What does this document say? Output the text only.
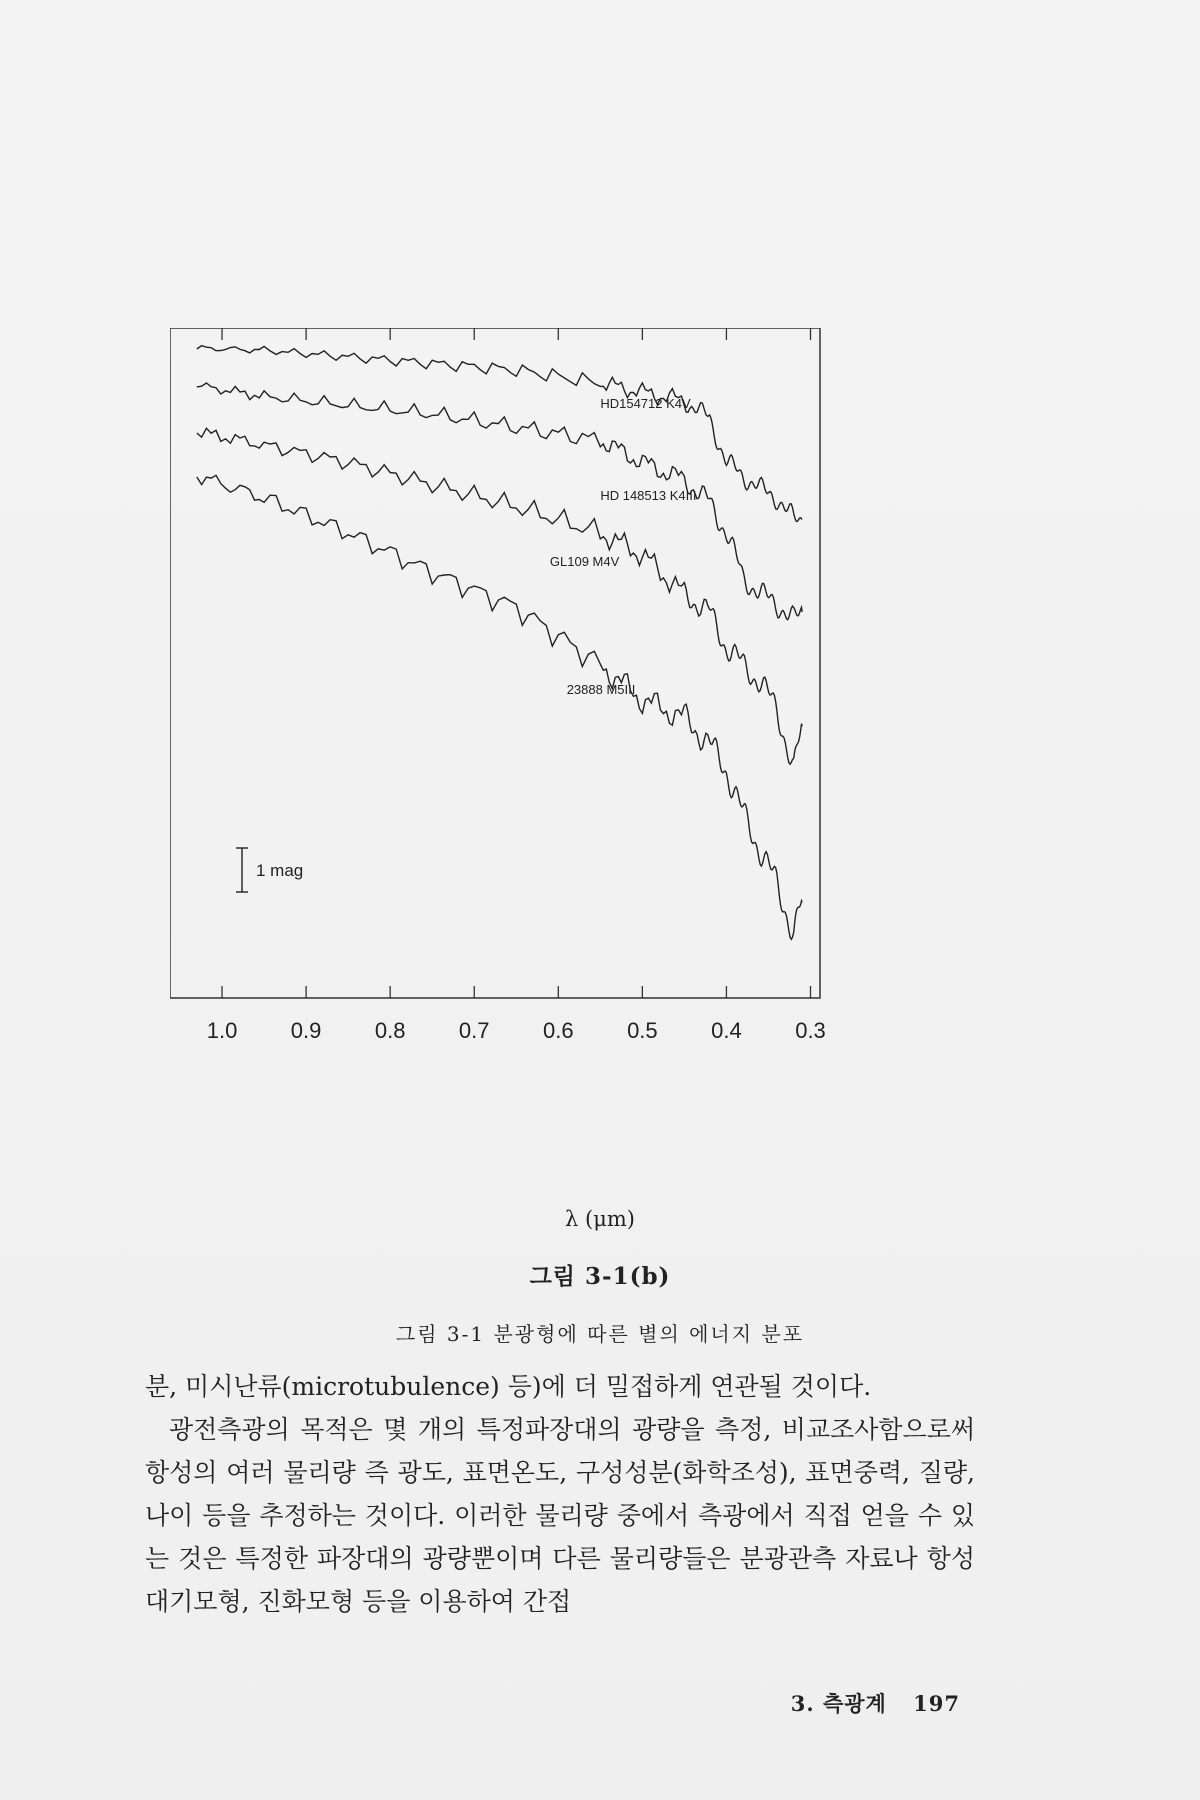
1.0 0.9 0.8 0.7 0.6 0.5 0.4 0.3
HD154712 K4V
HD 148513 K4III
GL109 M4V
23888 M5III
1 mag
λ (μm)
그림 3-1(b)
그림 3-1 분광형에 따른 별의 에너지 분포

분, 미시난류(microtubulence) 등)에 더 밀접하게 연관될 것이다.

광전측광의 목적은 몇 개의 특정파장대의 광량을 측정, 비교조사함으로써 항성의 여러 물리량 즉 광도, 표면온도, 구성성분(화학조성), 표면중력, 질량, 나이 등을 추정하는 것이다. 이러한 물리량 중에서 측광에서 직접 얻을 수 있는 것은 특정한 파장대의 광량뿐이며 다른 물리량들은 분광관측 자료나 항성대기모형, 진화모형 등을 이용하여 간접

3. 측광계 197
